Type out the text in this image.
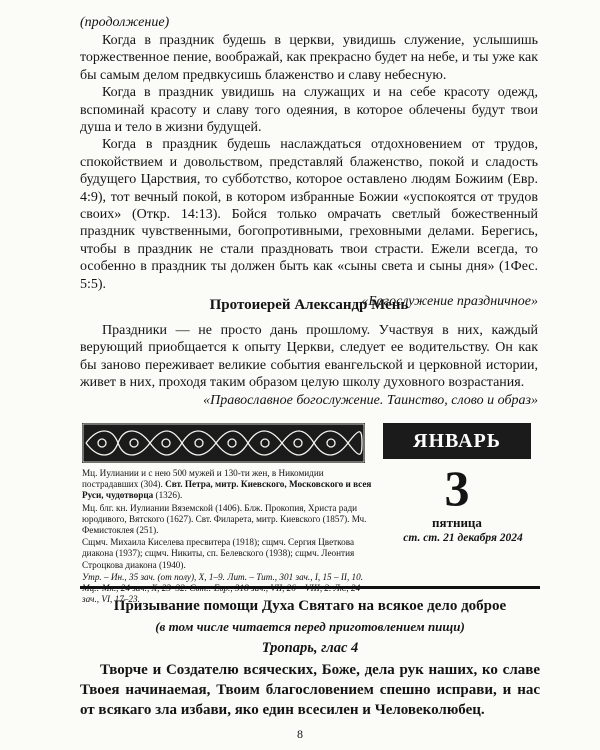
(продолжение)

Когда в праздник будешь в церкви, увидишь служение, услышишь торжественное пение, воображай, как прекрасно будет на небе, и ты уже как бы самым делом предвкусишь блаженство и славу небесную.

Когда в праздник увидишь на служащих и на себе красоту одежд, вспоминай красоту и славу того одеяния, в которое облечены будут твои душа и тело в жизни будущей.

Когда в праздник будешь наслаждаться отдохновением от трудов, спокойствием и довольством, представляй блаженство, покой и сладость будущего Царствия, то субботство, которое оставлено людям Божиим (Евр. 4:9), тот вечный покой, в котором избранные Божии «успокоятся от трудов своих» (Откр. 14:13). Бойся только омрачать светлый божественный праздник чувственными, богопротивными, греховными делами. Берегись, чтобы в праздник не стали праздновать твои страсти. Ежели всегда, то особенно в праздник ты должен быть как «сыны света и сыны дня» (1Фес. 5:5).

«Богослужение праздничное»
Протоиерей Александр Мень

Праздники — не просто дань прошлому. Участвуя в них, каждый верующий приобщается к опыту Церкви, следует ее водительству. Он как бы заново переживает великие события евангельской и церковной истории, живет в них, проходя таким образом целую школу духовного возрастания.

«Православное богослужение. Таинство, слово и образ»
ЯНВАРЬ
3
пятница
ст. ст. 21 декабря 2024

Мц. Иулиании и с нею 500 мужей и 130-ти жен, в Никомидии пострадавших (304). Свт. Петра, митр. Киевского, Московского и всея Руси, чудотворца (1326).

Мц. блг. кн. Иулиании Вяземской (1406). Блж. Прокопия, Христа ради юродивого, Вятского (1627). Свт. Филарета, митр. Киевского (1857). Мч. Фемистоклея (251).

Сщмч. Михаила Киселева пресвитера (1918); сщмч. Сергия Цветкова диакона (1937); сщмч. Никиты, сп. Белевского (1938); сщмч. Леонтия Строцкова диакона (1940).

Утр. – Ин., 35 зач. (от полу), Х, 1–9. Лит. – Тит., 301 зач., I, 15 – II, 10. зач., VI, 17–23.

Призывание помощи Духа Святаго на всякое дело доброе
(в том числе читается перед приготовлением пищи)
Тропарь, глас 4

Творче и Создателю всяческих, Боже, дела рук наших, ко славе Твоея начинаемая, Твоим благословением спешно исправи, и нас от всякаго зла избави, яко един всесилен и Человеколюбец.

8
